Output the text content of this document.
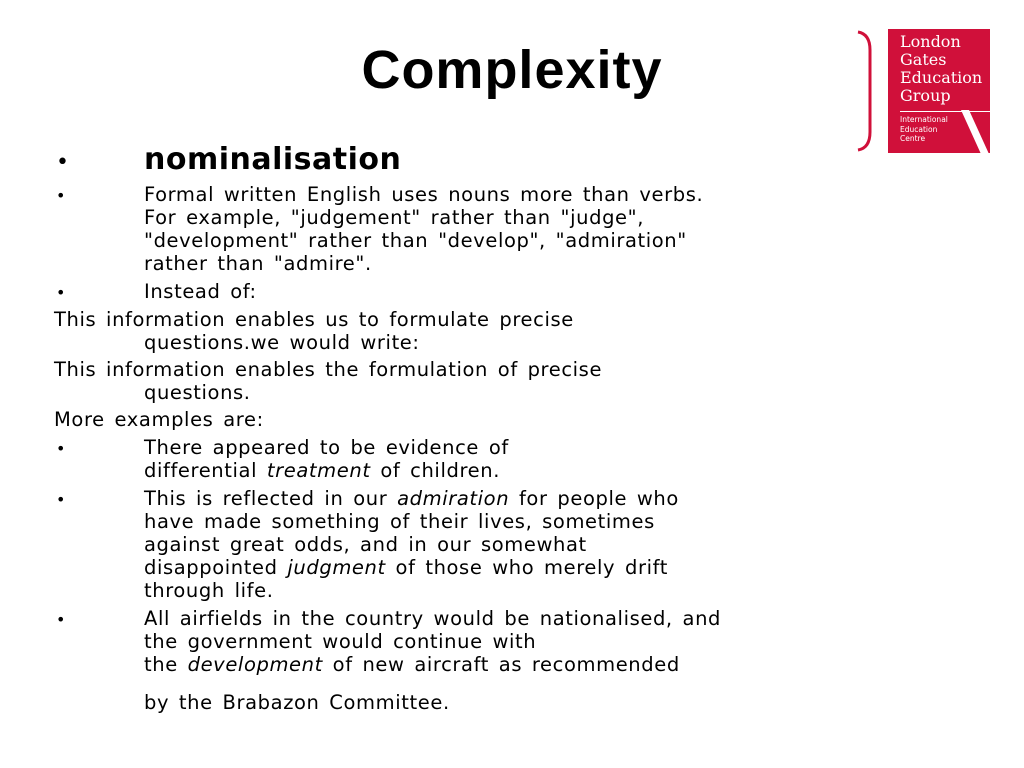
Complexity	London
Gates
Education
Group
International
Education
Centre
•	nominalisation
•	Formal written English uses nouns more than verbs.
For example, "judgement" rather than "judge",
"development" rather than "develop", "admiration"
rather than "admire".
•	Instead of:
This information enables us to formulate precise
questions.we would write:
This information enables the formulation of precise
questions.
More examples are:
•	There appeared to be evidence of
differential treatment of children.
•	This is reflected in our admiration for people who
have made something of their lives, sometimes
against great odds, and in our somewhat
disappointed judgment of those who merely drift
through life.
•	All airfields in the country would be nationalised, and
the government would continue with
the development of new aircraft as recommended
by the Brabazon Committee.
